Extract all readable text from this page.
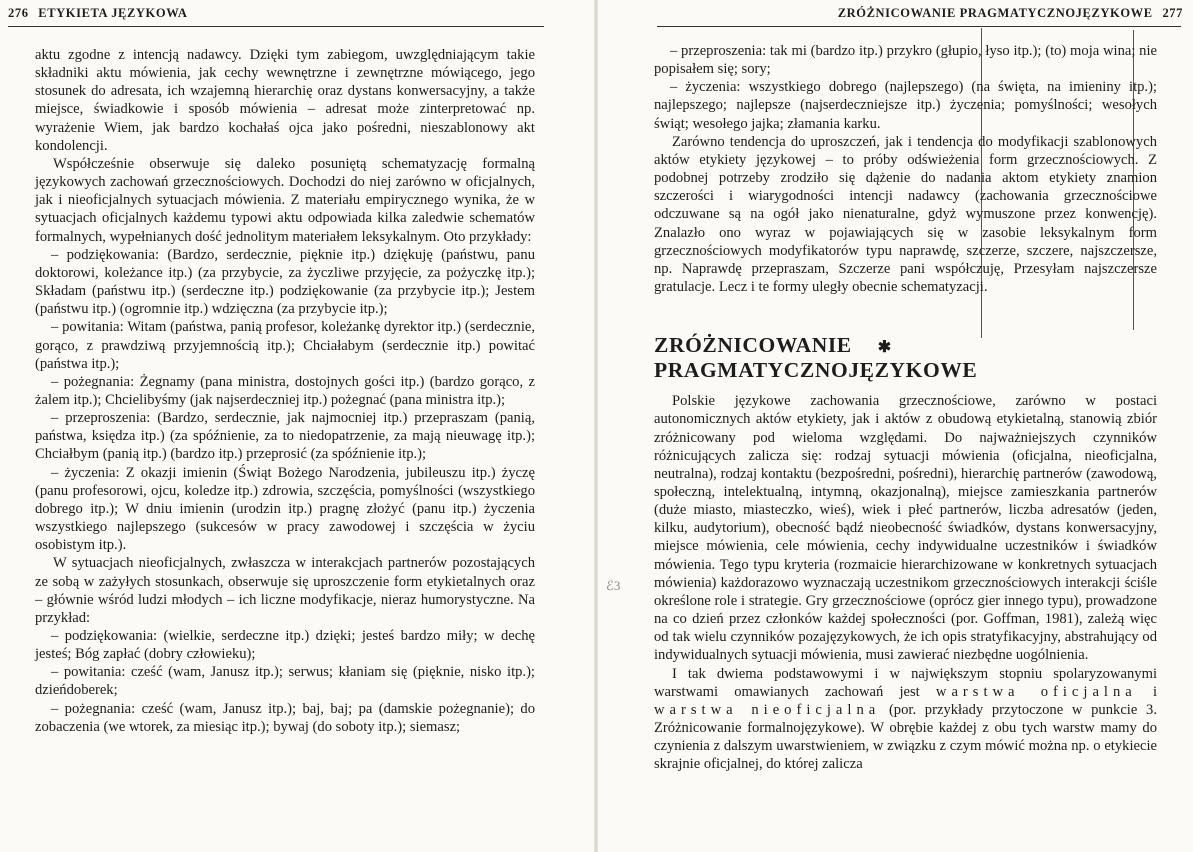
276 ETYKIETA JĘZYKOWA

aktu zgodne z intencją nadawcy. Dzięki tym zabiegom, uwzględniającym takie składniki aktu mówienia, jak cechy wewnętrzne i zewnętrzne mówiącego, jego stosunek do adresata, ich wzajemną hierarchię oraz dystans konwersacyjny, a także miejsce, świadkowie i sposób mówienia – adresat może zinterpretować np. wyrażenie Wiem, jak bardzo kochałaś ojca jako pośredni, nieszablonowy akt kondolencji.

Współcześnie obserwuje się daleko posuniętą schematyzację formalną językowych zachowań grzecznościowych. Dochodzi do niej zarówno w oficjalnych, jak i nieoficjalnych sytuacjach mówienia. Z materiału empirycznego wynika, że w sytuacjach oficjalnych każdemu typowi aktu odpowiada kilka zaledwie schematów formalnych, wypełnianych dość jednolitym materiałem leksykalnym. Oto przykłady:

– podziękowania: (Bardzo, serdecznie, pięknie itp.) dziękuję (państwu, panu doktorowi, koleżance itp.) (za przybycie, za życzliwe przyjęcie, za pożyczkę itp.); Składam (państwu itp.) (serdeczne itp.) podziękowanie (za przybycie itp.); Jestem (państwu itp.) (ogromnie itp.) wdzięczna (za przybycie itp.);

– powitania: Witam (państwa, panią profesor, koleżankę dyrektor itp.) (serdecznie, gorąco, z prawdziwą przyjemnością itp.); Chciałabym (serdecznie itp.) powitać (państwa itp.);

– pożegnania: Żegnamy (pana ministra, dostojnych gości itp.) (bardzo gorąco, z żalem itp.); Chcielibyśmy (jak najserdeczniej itp.) pożegnać (pana ministra itp.);

– przeproszenia: (Bardzo, serdecznie, jak najmocniej itp.) przepraszam (panią, państwa, księdza itp.) (za spóźnienie, za to niedopatrzenie, za mają nieuwagę itp.); Chciałbym (panią itp.) (bardzo itp.) przeprosić (za spóźnienie itp.);

– życzenia: Z okazji imienin (Świąt Bożego Narodzenia, jubileuszu itp.) życzę (panu profesorowi, ojcu, koledze itp.) zdrowia, szczęścia, pomyślności (wszystkiego dobrego itp.); W dniu imienin (urodzin itp.) pragnę złożyć (panu itp.) życzenia wszystkiego najlepszego (sukcesów w pracy zawodowej i szczęścia w życiu osobistym itp.).

W sytuacjach nieoficjalnych, zwłaszcza w interakcjach partnerów pozostających ze sobą w zażyłych stosunkach, obserwuje się uproszczenie form etykietalnych oraz – głównie wśród ludzi młodych – ich liczne modyfikacje, nieraz humorystyczne. Na przykład:

– podziękowania: (wielkie, serdeczne itp.) dzięki; jesteś bardzo miły; w dechę jesteś; Bóg zapłać (dobry człowieku);

– powitania: cześć (wam, Janusz itp.); serwus; kłaniam się (pięknie, nisko itp.); dzieńdoberek;

– pożegnania: cześć (wam, Janusz itp.); baj, baj; pa (damskie pożegnanie); do zobaczenia (we wtorek, za miesiąc itp.); bywaj (do soboty itp.); siemasz;

ℰ3
ZRÓŻNICOWANIE PRAGMATYCZNOJĘZYKOWE 277

– przeproszenia: tak mi (bardzo itp.) przykro (głupio, łyso itp.); (to) moja wina; nie popisałem się; sory;

– życzenia: wszystkiego dobrego (najlepszego) (na święta, na imieniny itp.); najlepszego; najlepsze (najserdeczniejsze itp.) życzenia; pomyślności; wesołych świąt; wesołego jajka; złamania karku.

Zarówno tendencja do uproszczeń, jak i tendencja do modyfikacji szablonowych aktów etykiety językowej – to próby odświeżenia form grzecznościowych. Z podobnej potrzeby zrodziło się dążenie do nadania aktom etykiety znamion szczerości i wiarygodności intencji nadawcy (zachowania grzecznościowe odczuwane są na ogół jako nienaturalne, gdyż wymuszone przez konwencję). Znalazło ono wyraz w pojawiających się w zasobie leksykalnym form grzecznościowych modyfikatorów typu naprawdę, szczerze, szczere, najszczersze, np. Naprawdę przepraszam, Szczerze pani współczuję, Przesyłam najszczersze gratulacje. Lecz i te formy uległy obecnie schematyzacji.

ZRÓŻNICOWANIE ✱
PRAGMATYCZNOJĘZYKOWE

Polskie językowe zachowania grzecznościowe, zarówno w postaci autonomicznych aktów etykiety, jak i aktów z obudową etykietalną, stanowią zbiór zróżnicowany pod wieloma względami. Do najważniejszych czynników różnicujących zalicza się: rodzaj sytuacji mówienia (oficjalna, nieoficjalna, neutralna), rodzaj kontaktu (bezpośredni, pośredni), hierarchię partnerów (zawodową, społeczną, intelektualną, intymną, okazjonalną), miejsce zamieszkania partnerów (duże miasto, miasteczko, wieś), wiek i płeć partnerów, liczba adresatów (jeden, kilku, audytorium), obecność bądź nieobecność świadków, dystans konwersacyjny, miejsce mówienia, cele mówienia, cechy indywidualne uczestników i świadków mówienia. Tego typu kryteria (rozmaicie hierarchizowane w konkretnych sytuacjach mówienia) każdorazowo wyznaczają uczestnikom grzecznościowych interakcji ściśle określone role i strategie. Gry grzecznościowe (oprócz gier innego typu), prowadzone na co dzień przez członków każdej społeczności (por. Goffman, 1981), zależą więc od tak wielu czynników pozajęzykowych, że ich opis stratyfikacyjny, abstrahujący od indywidualnych sytuacji mówienia, musi zawierać niezbędne uogólnienia.

I tak dwiema podstawowymi i w największym stopniu spolaryzowanymi warstwami omawianych zachowań jest warstwa oficjalna i warstwa nieoficjalna (por. przykłady przytoczone w punkcie 3. Zróżnicowanie formalnojęzykowe). W obrębie każdej z obu tych warstw mamy do czynienia z dalszym uwarstwieniem, w związku z czym mówić można np. o etykiecie skrajnie oficjalnej, do której zalicza
